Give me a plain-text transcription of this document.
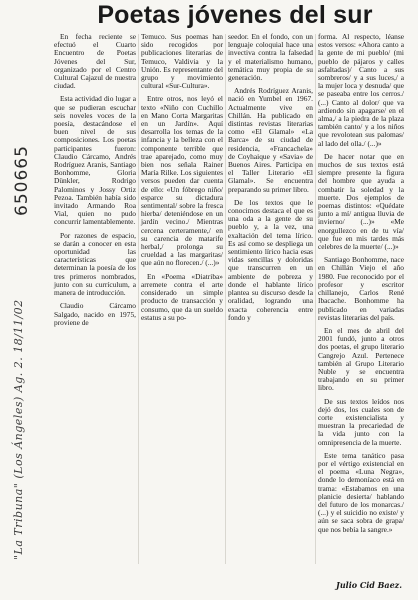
Poetas jóvenes del sur
"La Tribuna" (Los Ángeles) Ag. 2. 18/11/02
650665

En fecha reciente se efectuó el Cuarto Encuentro de Poetas Jóvenes del Sur, organizado por el Centro Cultural Cajazul de nuestra ciudad.

Esta actividad dio lugar a que se pudieran escuchar seis noveles voces de la poesía, destacándose el buen nivel de sus composiciones. Los poetas participantes fueron: Claudio Cárcamo, Andrés Rodríguez Aranis, Santiago Bonhomme, Gloria Dünkler, Rodrigo Palominos y Jossy Ortiz Pezoa. También había sido invitado Armando Roa Vial, quien no pudo concurrir lamentablemente.

Por razones de espacio, se darán a conocer en esta oportunidad las características que determinan la poesía de los tres primeros nombrados, junto con su currículum, a manera de introducción.

Claudio Cárcamo Salgado, nacido en 1975, proviene de

Temuco. Sus poemas han sido recogidos por publicaciones literarias de Temuco, Valdivia y la Unión. Es representante del grupo y movimiento cultural «Sur-Cultura».

Entre otros, nos leyó el texto «Niño con Cuchillo en Mano Corta Margaritas en un Jardín». Aquí desarrolla los temas de la infancia y la belleza con el componente terrible que trae aparejado, como muy bien nos señala Rainer María Rilke. Los siguientes versos pueden dar cuenta de ello: «Un fóbrego niño/ esparce su dictadura sentimental/ sobre la fresca hierba/ deteniéndose en un jardín vecino./ Mientras cercena certeramente,/ en su carencia de matarife herbal,/ prolonga su crueldad a las margaritas/ que aún no florecen./ (...)»

En «Poema «Diatriba» arremete contra el arte considerado un simple producto de transacción y consumo, que da un sueldo estatus a su po-

seedor. En el fondo, con un lenguaje coloquial hace una invectiva contra la falsedad y el materialismo humano, temática muy propia de su generación.

Andrés Rodríguez Aranis, nació en Yumbel en 1967. Actualmente vive en Chillán. Ha publicado en distintas revistas literarias como «El Glamal» «La Barca» de su ciudad de residencia, «Francachela» de Coyhaique y «Savia» de Buenos Aires. Participa en el Taller Literario «El Glamal». Se encuentra preparando su primer libro.

De los textos que le conocimos destaca el que es una oda a la gente de su pueblo y, a la vez, una exaltación del tema lírico. Es así como se despliega un sentimiento lírico hacia esas vidas sencillas y doloridas que transcurren en un ambiente de pobreza y donde el hablante lírico plantea su discurso desde la oralidad, logrando una exacta coherencia entre fondo y

forma. Al respecto, léanse estos versos: «Ahora canto a la gente de mi pueblo/ (mi pueblo de pájaros y calles asfaltadas)/ Canto a sus sombreros/ y a sus luces,/ a la mujer loca y desnuda/ que se paseaba entre los cerros./ (...) Canto al dolor/ que va ardiendo sin apagarse/ en el alma,/ a la piedra de la plaza también canto/ y a los niños que revolotean sus palomas/ al lado del olla./ (...)»

De hacer notar que en muchos de sus textos está siempre presente la figura del hombre que ayuda a combatir la soledad y la muerte. Dos ejemplos de poemas distintos: «Quédate junto a mí/ antigua lluvia de invierno/ (...)» «Me enorgullezco en de tu vía/ que fue en mis tardes más celebres de la muerte/ (...)»

Santiago Bonhomme, nace en Chillán Viejo el año 1980. Fue reconocido por el profesor y escritor chillanejo, Carlos René Ibacache. Bonhomme ha publicado en variadas revistas literarias del país.

En el mes de abril del 2001 fundó, junto a otros dos poetas, el grupo literario Cangrejo Azul. Pertenece también al Grupo Literario Nuble y se encuentra trabajando en su primer libro.

De sus textos leídos nos dejó dos, los cuales son de corte existencialista y muestran la precariedad de la vida junto con la omnipresencia de la muerte.

Este tema tanático pasa por el vértigo existencial en el poema «Luna Negra», donde lo demoníaco está en trama: «Estabamos en una planicie desierta/ hablando del futuro de los monarcas./ (...) y el suicidio no existe/ y aún se saca sobra de grapa/ que nos bebía la sangre.»

Julio Cid Baez.
